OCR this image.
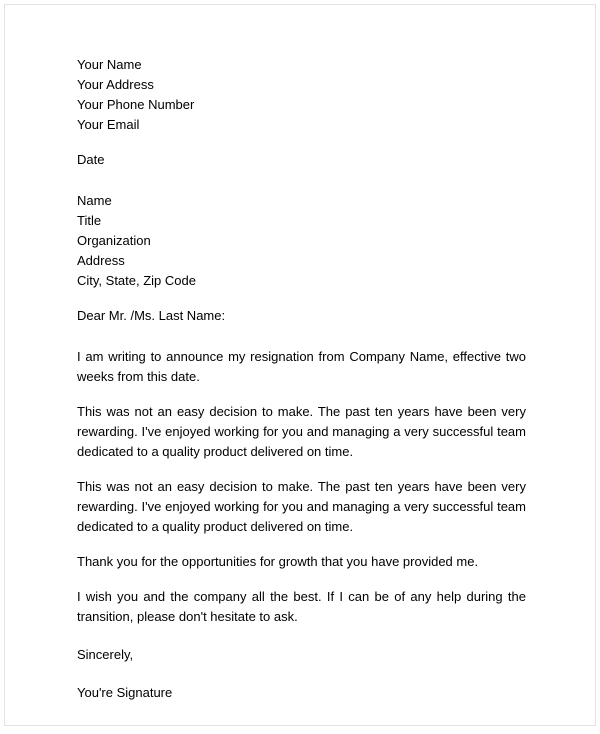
Your Name
Your Address
Your Phone Number
Your Email

Date

Name
Title
Organization
Address
City, State, Zip Code

Dear Mr. /Ms. Last Name:

I am writing to announce my resignation from Company Name, effective two weeks from this date.

This was not an easy decision to make. The past ten years have been very rewarding. I've enjoyed working for you and managing a very successful team dedicated to a quality product delivered on time.

This was not an easy decision to make. The past ten years have been very rewarding. I've enjoyed working for you and managing a very successful team dedicated to a quality product delivered on time.

Thank you for the opportunities for growth that you have provided me.

I wish you and the company all the best. If I can be of any help during the transition, please don't hesitate to ask.

Sincerely,

You're Signature
